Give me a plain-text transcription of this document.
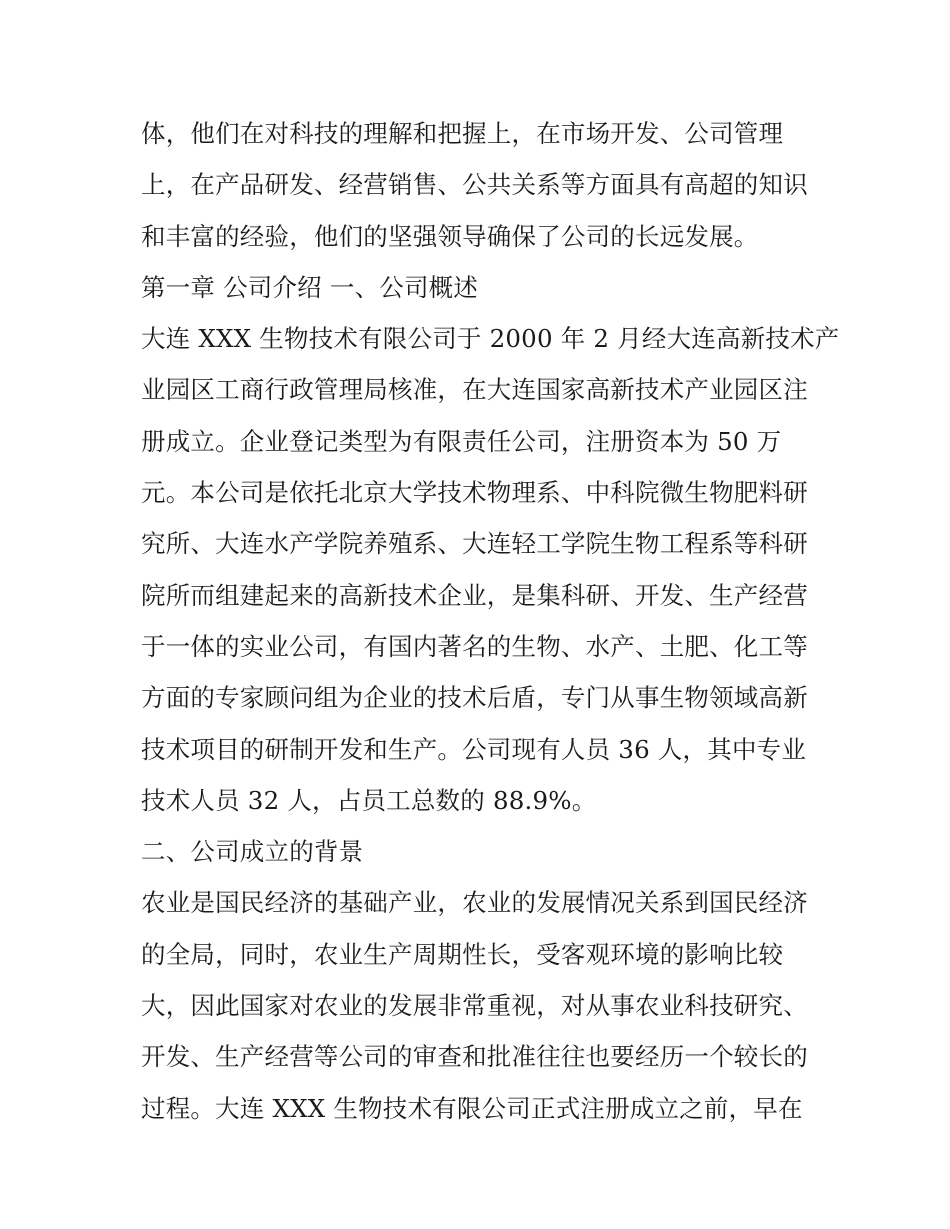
体，他们在对科技的理解和把握上，在市场开发、公司管理
上，在产品研发、经营销售、公共关系等方面具有高超的知识
和丰富的经验，他们的坚强领导确保了公司的长远发展。
第一章 公司介绍 一、公司概述
大连 XXX 生物技术有限公司于 2000 年 2 月经大连高新技术产
业园区工商行政管理局核准，在大连国家高新技术产业园区注
册成立。企业登记类型为有限责任公司，注册资本为 50 万
元。本公司是依托北京大学技术物理系、中科院微生物肥料研
究所、大连水产学院养殖系、大连轻工学院生物工程系等科研
院所而组建起来的高新技术企业，是集科研、开发、生产经营
于一体的实业公司，有国内著名的生物、水产、土肥、化工等
方面的专家顾问组为企业的技术后盾，专门从事生物领域高新
技术项目的研制开发和生产。公司现有人员 36 人，其中专业
技术人员 32 人，占员工总数的 88.9%。
二、公司成立的背景
农业是国民经济的基础产业，农业的发展情况关系到国民经济
的全局，同时，农业生产周期性长，受客观环境的影响比较
大，因此国家对农业的发展非常重视，对从事农业科技研究、
开发、生产经营等公司的审查和批准往往也要经历一个较长的
过程。大连 XXX 生物技术有限公司正式注册成立之前，早在
